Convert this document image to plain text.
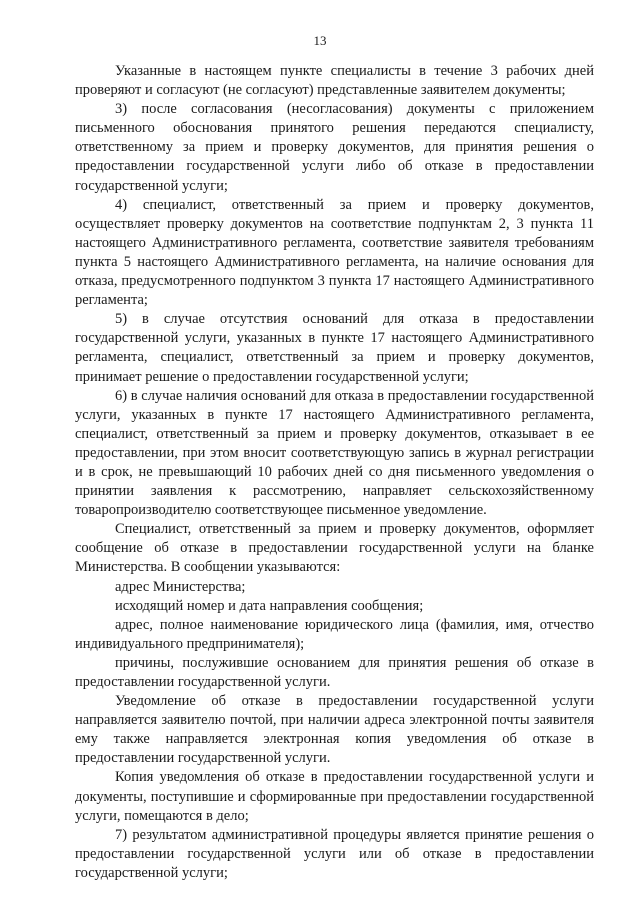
13

Указанные в настоящем пункте специалисты в течение 3 рабочих дней проверяют и согласуют (не согласуют) представленные заявителем документы;

3) после согласования (несогласования) документы с приложением письменного обоснования принятого решения передаются специалисту, ответственному за прием и проверку документов, для принятия решения о предоставлении государственной услуги либо об отказе в предоставлении государственной услуги;

4) специалист, ответственный за прием и проверку документов, осуществляет проверку документов на соответствие подпунктам 2, 3 пункта 11 настоящего Административного регламента, соответствие заявителя требованиям пункта 5 настоящего Административного регламента, на наличие основания для отказа, предусмотренного подпунктом 3 пункта 17 настоящего Административного регламента;

5) в случае отсутствия оснований для отказа в предоставлении государственной услуги, указанных в пункте 17 настоящего Административного регламента, специалист, ответственный за прием и проверку документов, принимает решение о предоставлении государственной услуги;

6) в случае наличия оснований для отказа в предоставлении государственной услуги, указанных в пункте 17 настоящего Административного регламента, специалист, ответственный за прием и проверку документов, отказывает в ее предоставлении, при этом вносит соответствующую запись в журнал регистрации и в срок, не превышающий 10 рабочих дней со дня письменного уведомления о принятии заявления к рассмотрению, направляет сельскохозяйственному товаропроизводителю соответствующее письменное уведомление.

Специалист, ответственный за прием и проверку документов, оформляет сообщение об отказе в предоставлении государственной услуги на бланке Министерства. В сообщении указываются:

адрес Министерства;

исходящий номер и дата направления сообщения;

адрес, полное наименование юридического лица (фамилия, имя, отчество индивидуального предпринимателя);

причины, послужившие основанием для принятия решения об отказе в предоставлении государственной услуги.

Уведомление об отказе в предоставлении государственной услуги направляется заявителю почтой, при наличии адреса электронной почты заявителя ему также направляется электронная копия уведомления об отказе в предоставлении государственной услуги.

Копия уведомления об отказе в предоставлении государственной услуги и документы, поступившие и сформированные при предоставлении государственной услуги, помещаются в дело;

7) результатом административной процедуры является принятие решения о предоставлении государственной услуги или об отказе в предоставлении государственной услуги;
